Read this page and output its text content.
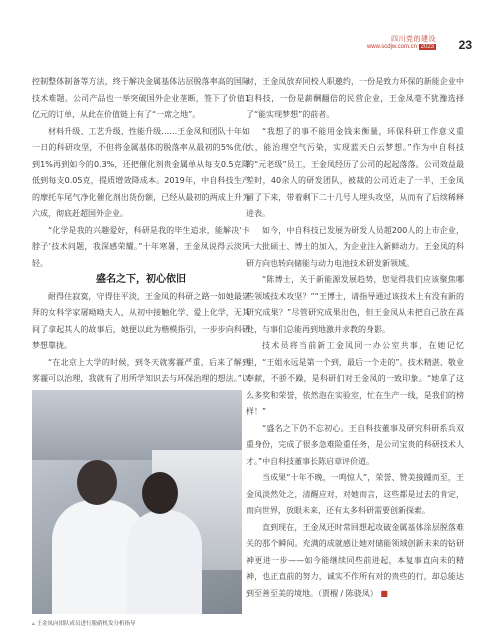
四川党的建设
www.scdjw.com.cn 2023 23

控制整体制备等方法，终于解决金属基体沾层脱落率高的国际技术难题。公司产品也一举突破国外企业垄断，签下了价值1亿元的订单，从此在价值链上有了“一席之地”。

材料升级、工艺升级、性能升级……王金凤和团队十年如一日的科研攻坚，不但将金属基体的脱落率从最初的5%优化到1%再到如今的0.3%，还把催化剂贵金属单从每支0.5克降低到每支0.05克，提质增效降成本。2019年，中自科技生产的摩托车尾气净化催化剂出货份额，已经从最初的两成上升为六成，彻底赶超国外企业。

“化学是我的兴趣爱好，科研是我的毕生追求，能解决‘卡脖子’技术问题，我深感荣耀。”十年寒暑，王金凤说得云淡风轻。

盛名之下，初心依旧

耐得住寂寞，守得住平淡，王金凤的科研之路一如她最崇拜的女科学家屠呦呦夫人，从初中接触化学、爱上化学，无其间了拿起其人的故事后，她便以此为楷模指引，一步步向科研梦想靠拢。

“在北京上大学的时候，到冬天就雾霾严重，后来了解到雾霾可以治理，我就有了用所学知识去与环保治理的想法。”以

▵ 王金凤向团队成员进行脱硝机发分析指导

时，王金凤放弃同校人职邀约，一份是致力环保的新能企业中自科技，一份是薪酬翻倍的民营企业，王金凤毫不犹豫选择了“能实现梦想”的前者。

“我想了的事不能用金钱来衡量，环保科研工作意义重大，能治理空气污染，实现蓝天白云梦想。”作为中自科技的“元老级”员工，王金凤经历了公司的起起落落。公司效益最差时，40余人的研发团队，被裁的公司近走了一半，王金凤留了下来，带着剩下二十几号人埋头攻坚，从而有了后续稀释进表。

如今，中自科技已发展为研发人员超200人的上市企业，一大批硕士、博士的加入，为企业注入新鲜动力。王金凤的科研方向也转向储能与动力电池技术研发新领域。

“陈博士，关于新能源发展趋势，您觉得我们应该聚焦哪些领域技术攻坚？”“王博士，请指导通过该技术上有没有新的研究成果？”尽管研究成果出色，但王金凤从未把自己放在高处，与事们总能再到地激并求教的身影。

技术员将当前新工金凤同一办公室共事，在她记忆里，“王姐永远是第一个到，最后一个走的”。技术精湛、敬业奉献，不骄不躁，是科研们对王金凤的一致印象。“她拿了这么多奖和荣誉，依然泡在实验室，忙在生产一线，是我们的榜样！”

“盛名之下仍不忘初心。王自科技董事及研究科研系兵双重身份，完成了很多急难险重任务，是公司宝贵的科研技术人才。”中自科技董事长陈启章评价道。

当成果“十年不晚，一鸣惊人”，荣誉、赞美接踵而至，王金凤淡然处之，清醒应对，对她而言，这些都是过去的肯定，而向世界，放眼未来，还有太多科研需要创新探索。

直到现在，王金凤还时常回想起攻破金属基体涂层脱落难关的那个瞬间。充满的成就感让她对储能领域创新未来的钻研神更进一步——如今能继续同些前进起，本复事直向未的精神，也正直前的努力，诚实不作所有对的贵些的行，却总能达到至善至美的境地。（贾榴 / 陈骁凤） ■
